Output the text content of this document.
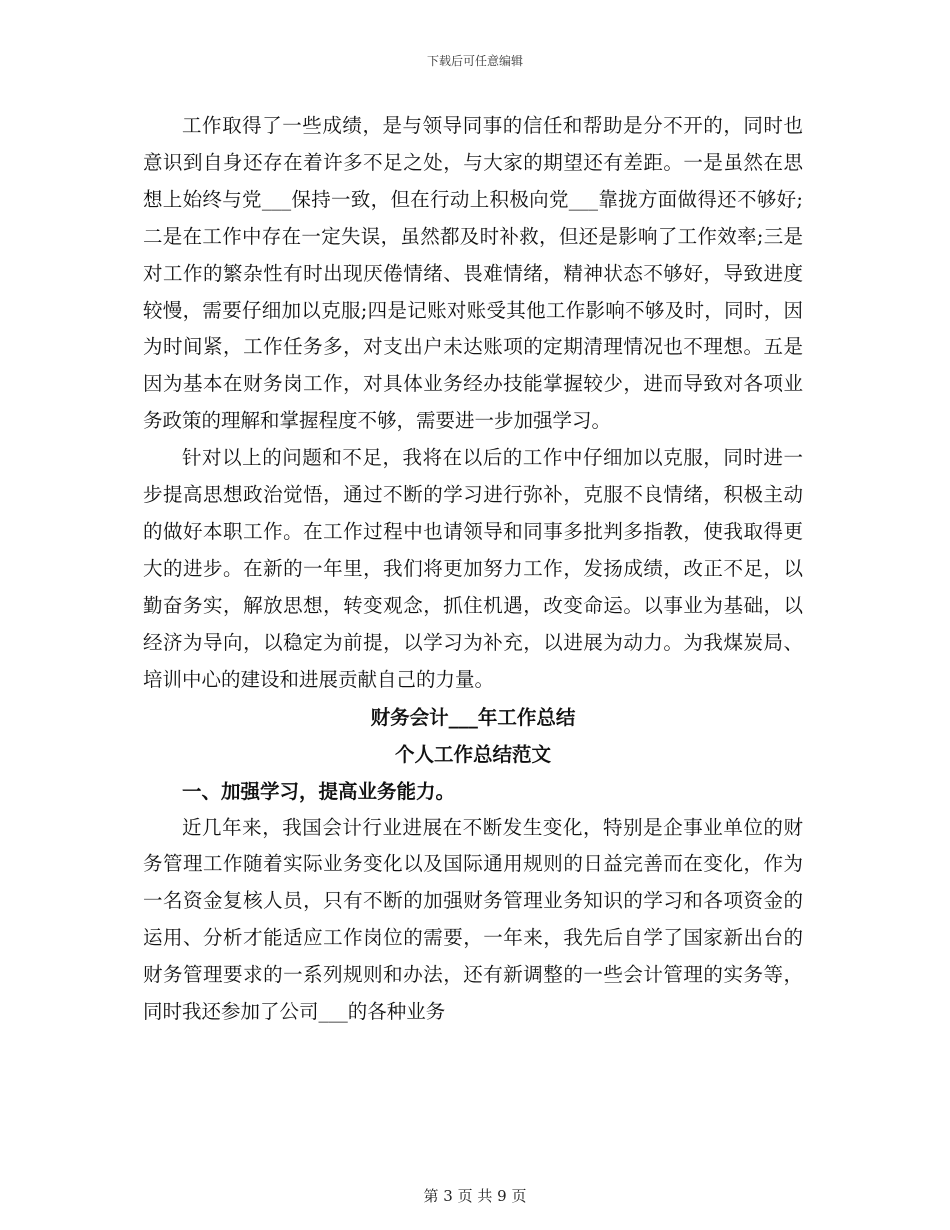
下载后可任意编辑

工作取得了一些成绩，是与领导同事的信任和帮助是分不开的，同时也意识到自身还存在着许多不足之处，与大家的期望还有差距。一是虽然在思想上始终与党___保持一致，但在行动上积极向党___靠拢方面做得还不够好;二是在工作中存在一定失误，虽然都及时补救，但还是影响了工作效率;三是对工作的繁杂性有时出现厌倦情绪、畏难情绪，精神状态不够好，导致进度较慢，需要仔细加以克服;四是记账对账受其他工作影响不够及时，同时，因为时间紧，工作任务多，对支出户未达账项的定期清理情况也不理想。五是因为基本在财务岗工作，对具体业务经办技能掌握较少，进而导致对各项业务政策的理解和掌握程度不够，需要进一步加强学习。

针对以上的问题和不足，我将在以后的工作中仔细加以克服，同时进一步提高思想政治觉悟，通过不断的学习进行弥补，克服不良情绪，积极主动的做好本职工作。在工作过程中也请领导和同事多批判多指教，使我取得更大的进步。在新的一年里，我们将更加努力工作，发扬成绩，改正不足，以勤奋务实，解放思想，转变观念，抓住机遇，改变命运。以事业为基础，以经济为导向，以稳定为前提，以学习为补充，以进展为动力。为我煤炭局、培训中心的建设和进展贡献自己的力量。

财务会计___年工作总结

个人工作总结范文

一、加强学习，提高业务能力。

近几年来，我国会计行业进展在不断发生变化，特别是企事业单位的财务管理工作随着实际业务变化以及国际通用规则的日益完善而在变化，作为一名资金复核人员，只有不断的加强财务管理业务知识的学习和各项资金的运用、分析才能适应工作岗位的需要，一年来，我先后自学了国家新出台的财务管理要求的一系列规则和办法，还有新调整的一些会计管理的实务等，同时我还参加了公司___的各种业务

第 3 页 共 9 页
